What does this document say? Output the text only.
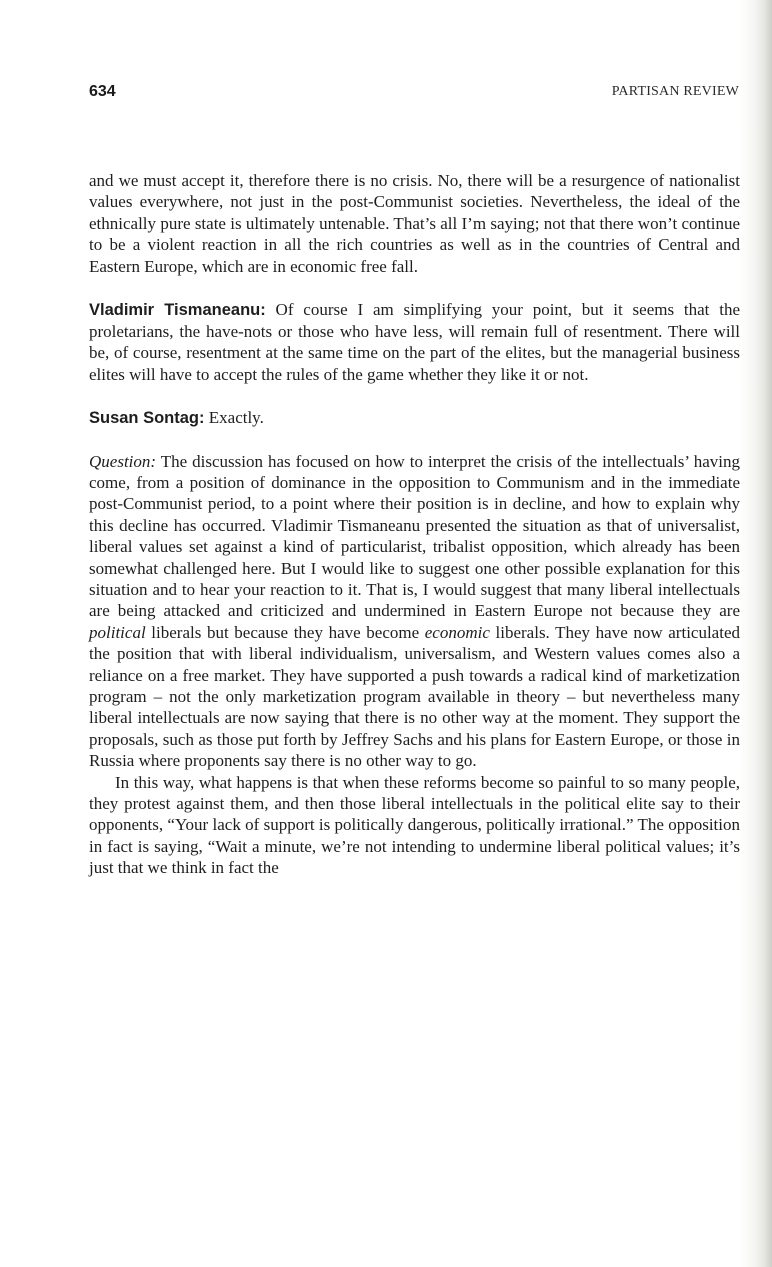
634	PARTISAN REVIEW

and we must accept it, therefore there is no crisis. No, there will be a resurgence of nationalist values everywhere, not just in the post-Communist societies. Nevertheless, the ideal of the ethnically pure state is ultimately untenable. That’s all I’m saying; not that there won’t continue to be a violent reaction in all the rich countries as well as in the countries of Central and Eastern Europe, which are in economic free fall.

Vladimir Tismaneanu: Of course I am simplifying your point, but it seems that the proletarians, the have-nots or those who have less, will remain full of resentment. There will be, of course, resentment at the same time on the part of the elites, but the managerial business elites will have to accept the rules of the game whether they like it or not.

Susan Sontag: Exactly.

Question: The discussion has focused on how to interpret the crisis of the intellectuals’ having come, from a position of dominance in the opposition to Communism and in the immediate post-Communist period, to a point where their position is in decline, and how to explain why this decline has occurred. Vladimir Tismaneanu presented the situation as that of universalist, liberal values set against a kind of particularist, tribalist opposition, which already has been somewhat challenged here. But I would like to suggest one other possible explanation for this situation and to hear your reaction to it. That is, I would suggest that many liberal intellectuals are being attacked and criticized and undermined in Eastern Europe not because they are political liberals but because they have become economic liberals. They have now articulated the position that with liberal individualism, universalism, and Western values comes also a reliance on a free market. They have supported a push towards a radical kind of marketization program – not the only marketization program available in theory – but nevertheless many liberal intellectuals are now saying that there is no other way at the moment. They support the proposals, such as those put forth by Jeffrey Sachs and his plans for Eastern Europe, or those in Russia where proponents say there is no other way to go.

In this way, what happens is that when these reforms become so painful to so many people, they protest against them, and then those liberal intellectuals in the political elite say to their opponents, “Your lack of support is politically dangerous, politically irrational.” The opposition in fact is saying, “Wait a minute, we’re not intending to undermine liberal political values; it’s just that we think in fact the
